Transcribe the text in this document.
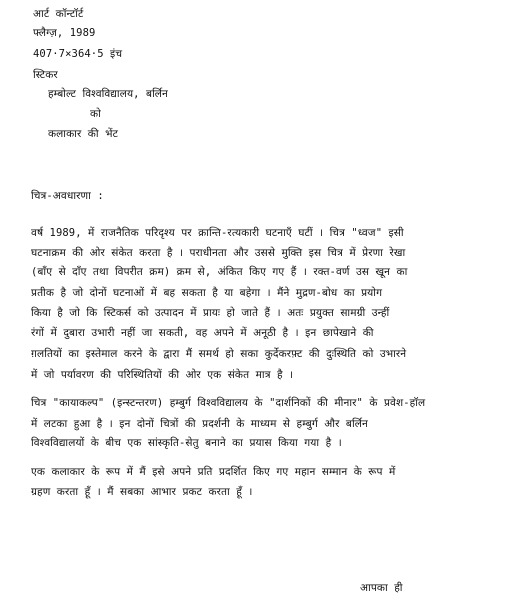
आर्ट कॉन्टॉर्ट
फ्लैग्ज़, 1989
407·7×364·5 इंच
स्टिकर
हम्बोल्ट विश्वविद्यालय, बर्लिन
को
कलाकार की भेंट
चित्र-अवधारणा :
वर्ष 1989, में राजनैतिक परिदृश्य पर क्रान्ति-रत्यकारी घटनाएँ घटीं । चित्र "ध्वज" इसी
घटनाक्रम की ओर संकेत करता है । पराधीनता और उससे मुक्ति इस चित्र में प्रेरणा रेखा
(बाँए से दाँए तथा विपरीत क्रम) क्रम से, अंकित किए गए हैं । रक्त-वर्ण उस खून का
प्रतीक है जो दोनों घटनाओं में बह सकता है या बहेगा । मैंने मुद्रण-बोध का प्रयोग
किया है जो कि स्टिकर्स को उत्पादन में प्रायः हो जाते हैं । अतः प्रयुक्त सामग्री उन्हीं
रंगों में दुबारा उभारी नहीं जा सकती, वह अपने में अनूठी है । इन छापेखाने की
ग़लतियों का इस्तेमाल करने के द्वारा मैं समर्थ हो सका कुर्देकरफ़्ट की दुःस्थिति को उभारने
में जो पर्यावरण की परिस्थितियों की ओर एक संकेत मात्र है ।
चित्र "कायाकल्प" (इन्स्टन्तरण) हम्बुर्ग विश्वविद्यालय के "दार्शनिकों की मीनार" के प्रवेश-हॉल
में लटका हुआ है । इन दोनों चित्रों की प्रदर्शनी के माध्यम से हम्बुर्ग और बर्लिन
विश्वविद्यालयों के बीच एक सांस्कृति-सेतु बनाने का प्रयास किया गया है ।
एक कलाकार के रूप में मैं इसे अपने प्रति प्रदर्शित किए गए महान सम्मान के रूप में
ग्रहण करता हूँ । मैं सबका आभार प्रकट करता हूँ ।
आपका ही
